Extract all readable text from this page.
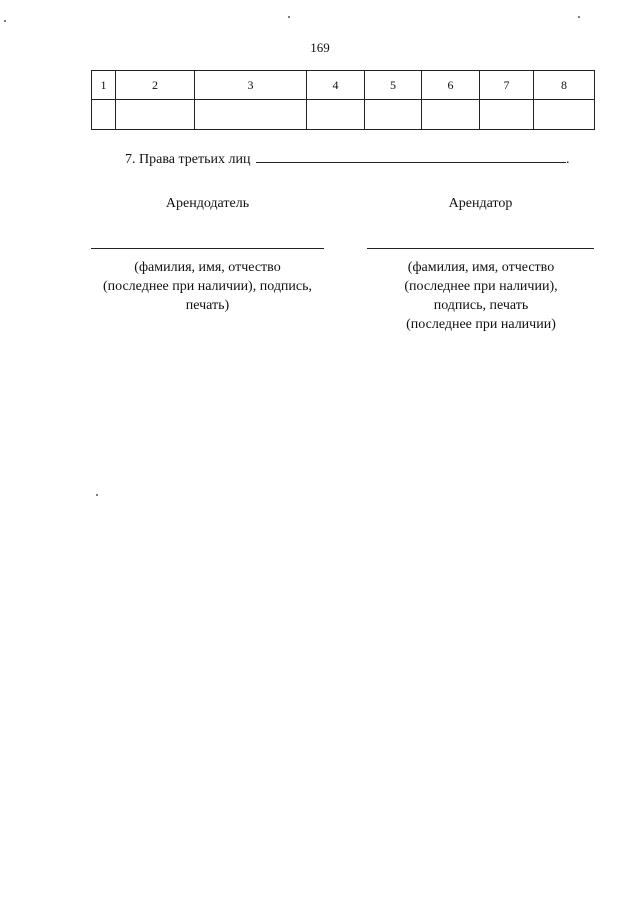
169
1	2	3	4	5	6	7	8

7. Права третьих лиц	.
Арендодатель	Арендатор
(фамилия, имя, отчество
(последнее при наличии), подпись,
печать)
(фамилия, имя, отчество
(последнее при наличии),
подпись, печать
(последнее при наличии)
